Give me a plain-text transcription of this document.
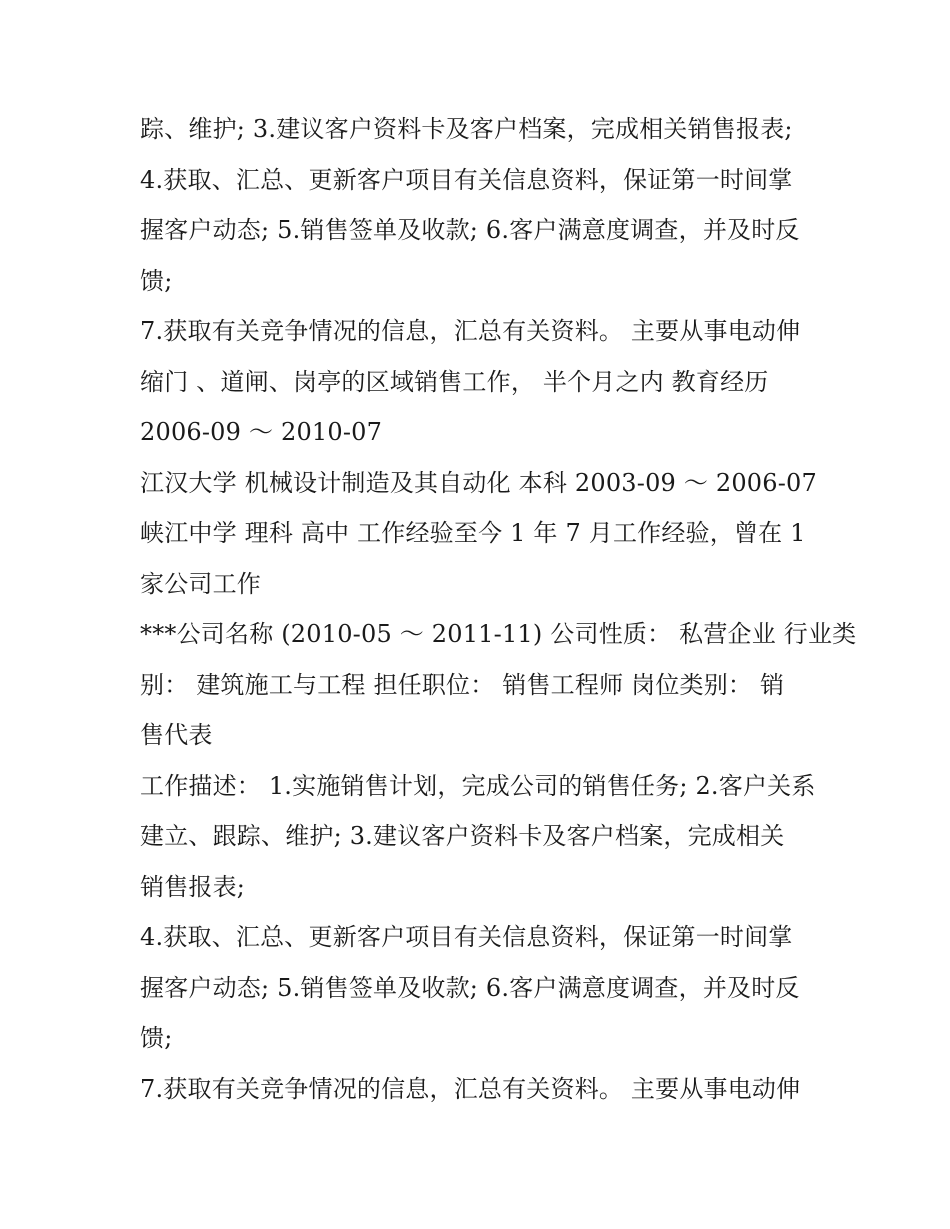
踪、维护; 3.建议客户资料卡及客户档案，完成相关销售报表;
4.获取、汇总、更新客户项目有关信息资料，保证第一时间掌
握客户动态; 5.销售签单及收款; 6.客户满意度调查，并及时反
馈;
7.获取有关竞争情况的信息，汇总有关资料。 主要从事电动伸
缩门 、道闸、岗亭的区域销售工作， 半个月之内 教育经历
2006-09 ～ 2010-07
江汉大学 机械设计制造及其自动化 本科 2003-09 ～ 2006-07
峡江中学 理科 高中 工作经验至今 1 年 7 月工作经验，曾在 1
家公司工作
***公司名称 (2010-05 ～ 2011-11) 公司性质： 私营企业 行业类
别： 建筑施工与工程 担任职位： 销售工程师 岗位类别： 销
售代表
工作描述： 1.实施销售计划，完成公司的销售任务; 2.客户关系
建立、跟踪、维护; 3.建议客户资料卡及客户档案，完成相关
销售报表;
4.获取、汇总、更新客户项目有关信息资料，保证第一时间掌
握客户动态; 5.销售签单及收款; 6.客户满意度调查，并及时反
馈;
7.获取有关竞争情况的信息，汇总有关资料。 主要从事电动伸
